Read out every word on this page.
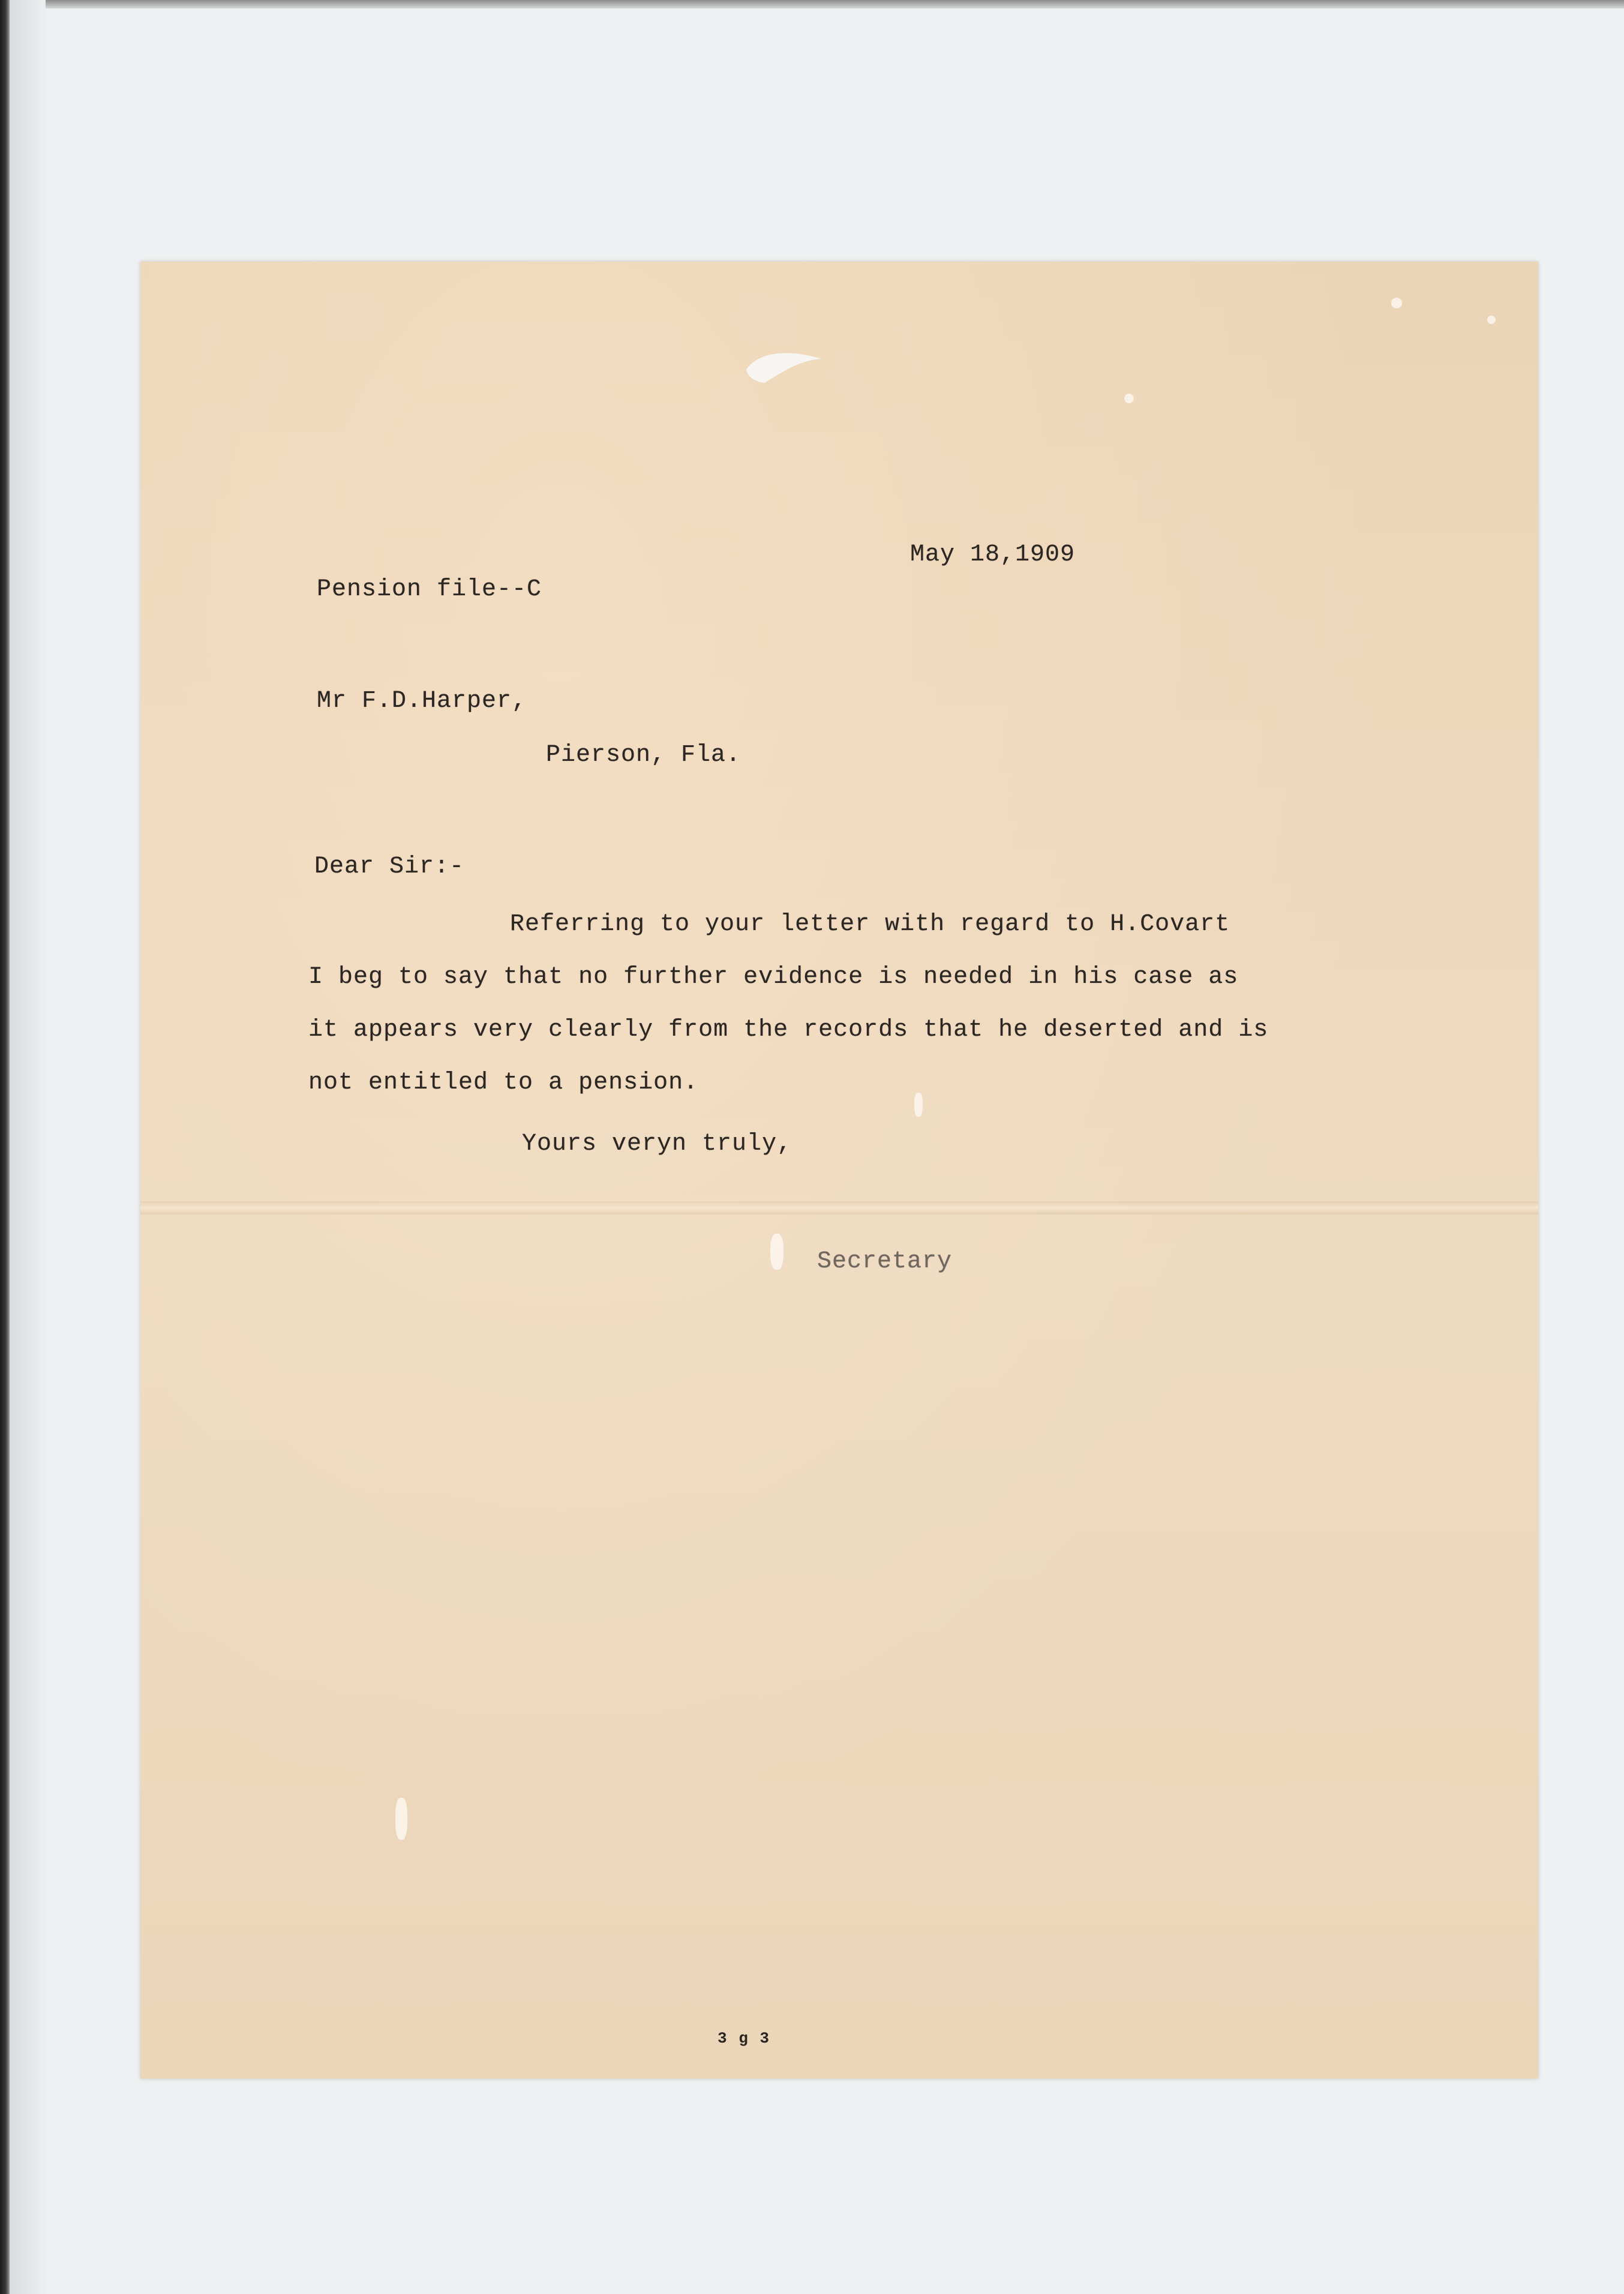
May 18,1909

Pension file--C

Mr F.D.Harper,

Pierson, Fla.

Dear Sir:-

Referring to your letter with regard to H.Covart

I beg to say that no further evidence is needed in his case as

it appears very clearly from the records that he deserted and is

not entitled to a pension.

Yours veryn truly,

Secretary

3 g 3
